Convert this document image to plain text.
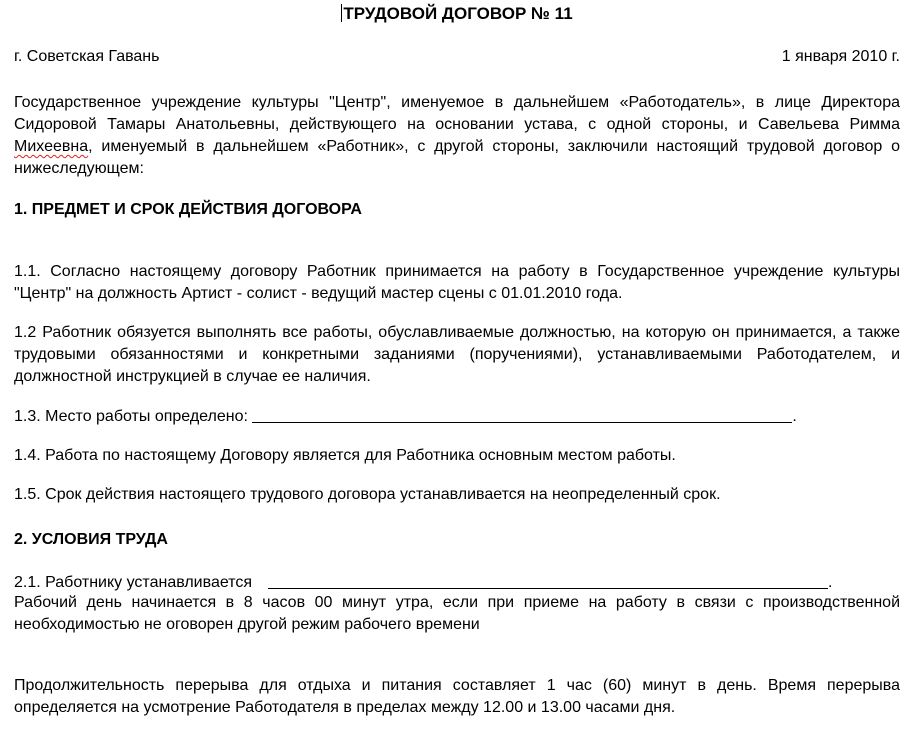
ТРУДОВОЙ ДОГОВОР № 11
г. Советская Гавань	1 января 2010 г.
Государственное учреждение культуры "Центр", именуемое в дальнейшем «Работодатель», в лице Директора Сидоровой Тамары Анатольевны, действующего на основании устава, с одной стороны, и Савельева Римма Михеевна, именуемый в дальнейшем «Работник», с другой стороны, заключили настоящий трудовой договор о нижеследующем:
1. ПРЕДМЕТ И СРОК ДЕЙСТВИЯ ДОГОВОРА
1.1. Согласно настоящему договору Работник принимается на работу в Государственное учреждение культуры "Центр" на должность Артист - солист - ведущий мастер сцены с 01.01.2010 года.
1.2 Работник обязуется выполнять все работы, обуславливаемые должностью, на которую он принимается, а также трудовыми обязанностями и конкретными заданиями (поручениями), устанавливаемыми Работодателем, и должностной инструкцией в случае ее наличия.
1.3. Место работы определено:	.
1.4. Работа по настоящему Договору является для Работника основным местом работы.
1.5. Срок действия настоящего трудового договора устанавливается на неопределенный срок.
2. УСЛОВИЯ ТРУДА
2.1. Работнику устанавливается	.
Рабочий день начинается в 8 часов 00 минут утра, если при приеме на работу в связи с производственной необходимостью не оговорен другой режим рабочего времени
Продолжительность перерыва для отдыха и питания составляет 1 час (60) минут в день. Время перерыва определяется на усмотрение Работодателя в пределах между 12.00 и 13.00 часами дня.
